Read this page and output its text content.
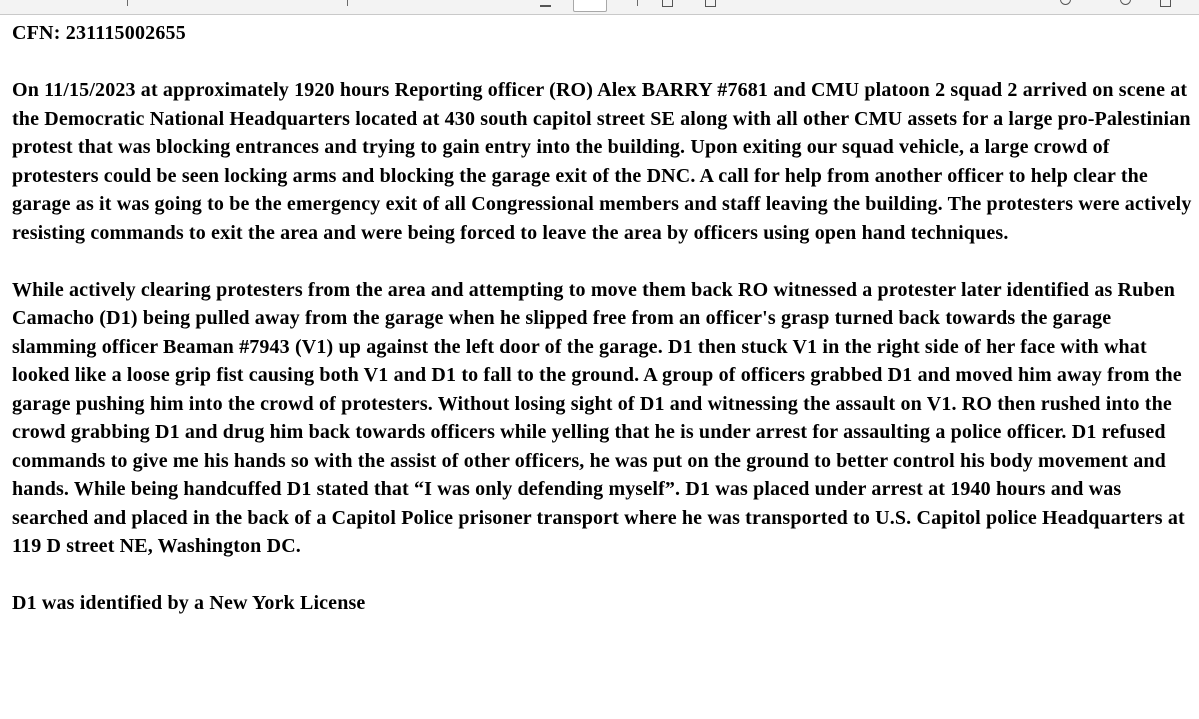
CFN: 231115002655

On 11/15/2023 at approximately 1920 hours Reporting officer (RO) Alex BARRY #7681 and CMU platoon 2 squad 2 arrived on scene at the Democratic National Headquarters located at 430 south capitol street SE along with all other CMU assets for a large pro-Palestinian protest that was blocking entrances and trying to gain entry into the building. Upon exiting our squad vehicle, a large crowd of protesters could be seen locking arms and blocking the garage exit of the DNC. A call for help from another officer to help clear the garage as it was going to be the emergency exit of all Congressional members and staff leaving the building. The protesters were actively resisting commands to exit the area and were being forced to leave the area by officers using open hand techniques.

While actively clearing protesters from the area and attempting to move them back RO witnessed a protester later identified as Ruben Camacho (D1) being pulled away from the garage when he slipped free from an officer's grasp turned back towards the garage slamming officer Beaman #7943 (V1) up against the left door of the garage. D1 then stuck V1 in the right side of her face with what looked like a loose grip fist causing both V1 and D1 to fall to the ground. A group of officers grabbed D1 and moved him away from the garage pushing him into the crowd of protesters. Without losing sight of D1 and witnessing the assault on V1. RO then rushed into the crowd grabbing D1 and drug him back towards officers while yelling that he is under arrest for assaulting a police officer. D1 refused commands to give me his hands so with the assist of other officers, he was put on the ground to better control his body movement and hands. While being handcuffed D1 stated that “I was only defending myself”. D1 was placed under arrest at 1940 hours and was searched and placed in the back of a Capitol Police prisoner transport where he was transported to U.S. Capitol police Headquarters at 119 D street NE, Washington DC.

D1 was identified by a New York License
